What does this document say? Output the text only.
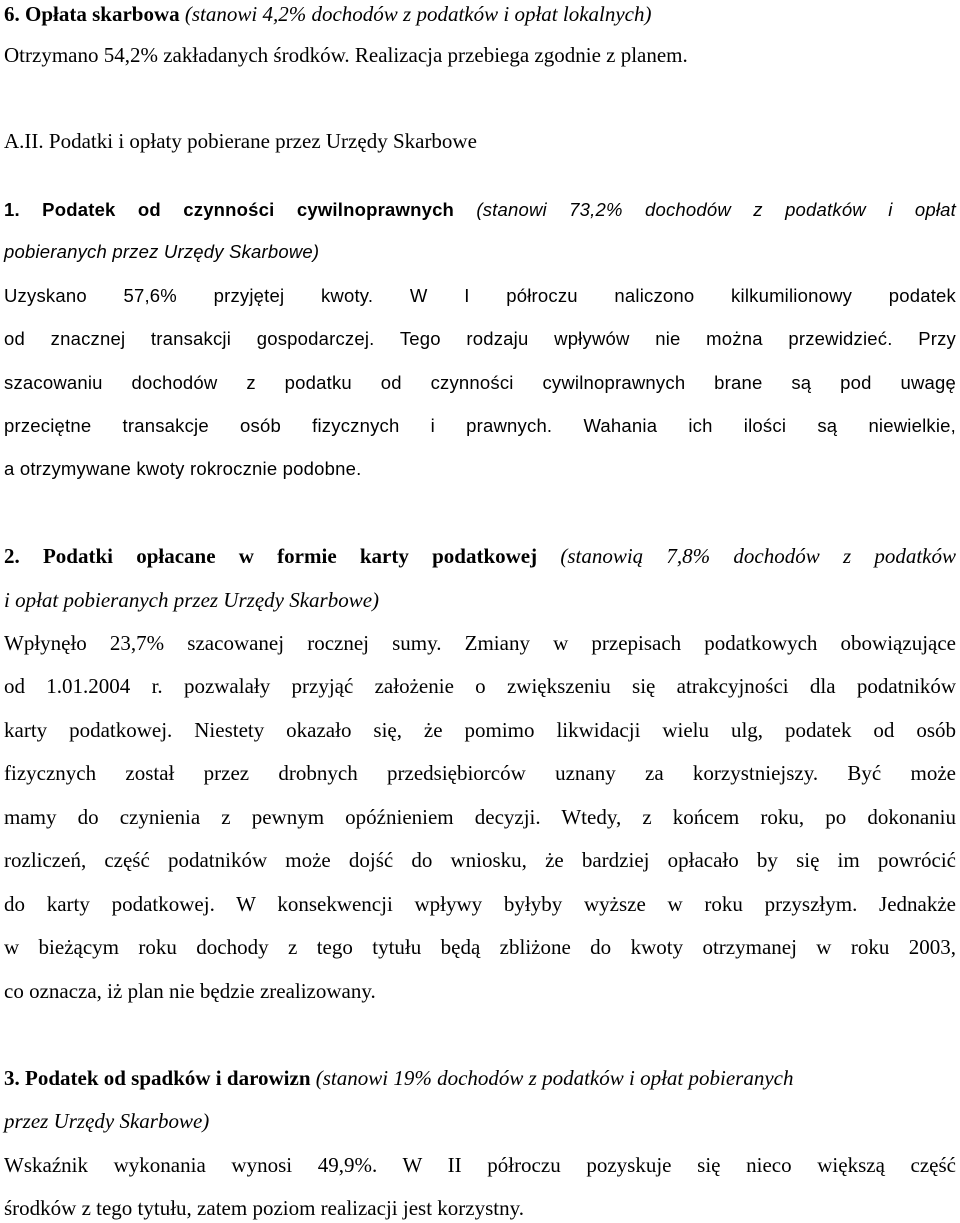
6. Opłata skarbowa (stanowi 4,2% dochodów z podatków i opłat lokalnych)
Otrzymano 54,2% zakładanych środków. Realizacja przebiega zgodnie z planem.
A.II. Podatki i opłaty pobierane przez Urzędy Skarbowe
1. Podatek od czynności cywilnoprawnych (stanowi 73,2% dochodów z podatków i opłat
pobieranych przez Urzędy Skarbowe)
Uzyskano 57,6% przyjętej kwoty. W I półroczu naliczono kilkumilionowy podatek
od znacznej transakcji gospodarczej. Tego rodzaju wpływów nie można przewidzieć. Przy
szacowaniu dochodów z podatku od czynności cywilnoprawnych brane są pod uwagę
przeciętne transakcje osób fizycznych i prawnych. Wahania ich ilości są niewielkie,
a otrzymywane kwoty rokrocznie podobne.
2. Podatki opłacane w formie karty podatkowej (stanowią 7,8% dochodów z podatków
i opłat pobieranych przez Urzędy Skarbowe)
Wpłynęło 23,7% szacowanej rocznej sumy. Zmiany w przepisach podatkowych obowiązujące
od 1.01.2004 r. pozwalały przyjąć założenie o zwiększeniu się atrakcyjności dla podatników
karty podatkowej. Niestety okazało się, że pomimo likwidacji wielu ulg, podatek od osób
fizycznych został przez drobnych przedsiębiorców uznany za korzystniejszy. Być może
mamy do czynienia z pewnym opóźnieniem decyzji. Wtedy, z końcem roku, po dokonaniu
rozliczeń, część podatników może dojść do wniosku, że bardziej opłacało by się im powrócić
do karty podatkowej. W konsekwencji wpływy byłyby wyższe w roku przyszłym. Jednakże
w bieżącym roku dochody z tego tytułu będą zbliżone do kwoty otrzymanej w roku 2003,
co oznacza, iż plan nie będzie zrealizowany.
3. Podatek od spadków i darowizn (stanowi 19% dochodów z podatków i opłat pobieranych
przez Urzędy Skarbowe)
Wskaźnik wykonania wynosi 49,9%. W II półroczu pozyskuje się nieco większą część
środków z tego tytułu, zatem poziom realizacji jest korzystny.
